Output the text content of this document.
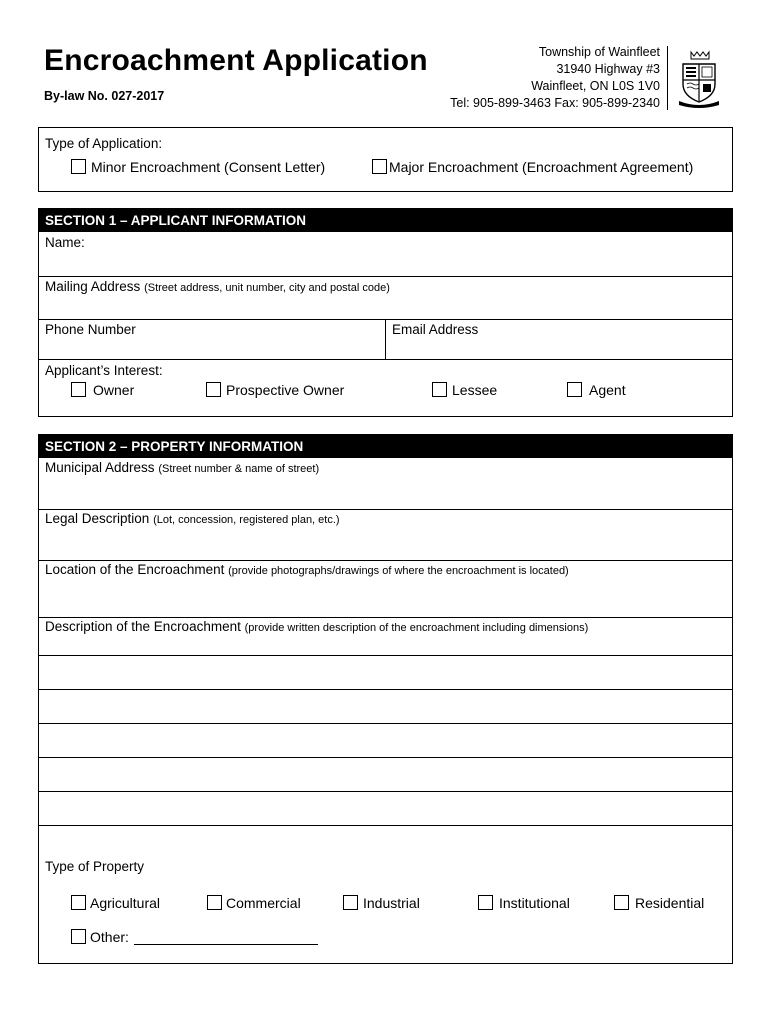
Encroachment Application
By-law No. 027-2017
Township of Wainfleet
31940 Highway #3
Wainfleet, ON L0S 1V0
Tel: 905-899-3463 Fax: 905-899-2340
Type of Application:
Minor Encroachment (Consent Letter)	Major Encroachment (Encroachment Agreement)
SECTION 1 – APPLICANT INFORMATION
Name:
Mailing Address (Street address, unit number, city and postal code)
Phone Number	Email Address
Applicant’s Interest:
Owner	Prospective Owner	Lessee	Agent
SECTION 2 – PROPERTY INFORMATION
Municipal Address (Street number & name of street)
Legal Description (Lot, concession, registered plan, etc.)
Location of the Encroachment (provide photographs/drawings of where the encroachment is located)
Description of the Encroachment (provide written description of the encroachment including dimensions)
Type of Property
Agricultural	Commercial	Industrial	Institutional	Residential
Other:
